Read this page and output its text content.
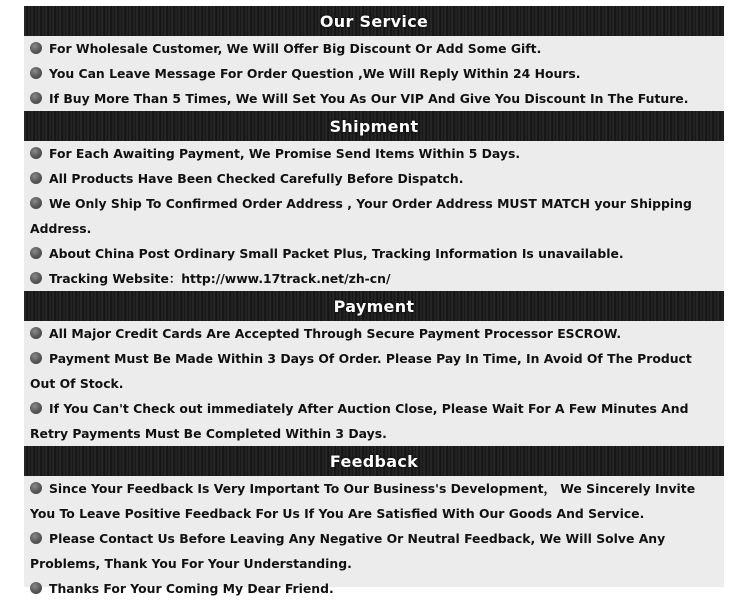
Our Service
For Wholesale Customer, We Will Offer Big Discount Or Add Some Gift.
You Can Leave Message For Order Question ,We Will Reply Within 24 Hours.
If Buy More Than 5 Times, We Will Set You As Our VIP And Give You Discount In The Future.
Shipment
For Each Awaiting Payment, We Promise Send Items Within 5 Days.
All Products Have Been Checked Carefully Before Dispatch.
We Only Ship To Confirmed Order Address , Your Order Address MUST MATCH your Shipping Address.
About China Post Ordinary Small Packet Plus, Tracking Information Is unavailable.
Tracking Website：http://www.17track.net/zh-cn/
Payment
All Major Credit Cards Are Accepted Through Secure Payment Processor ESCROW.
Payment Must Be Made Within 3 Days Of Order. Please Pay In Time, In Avoid Of The Product Out Of Stock.
If You Can't Check out immediately After Auction Close, Please Wait For A Few Minutes And Retry Payments Must Be Completed Within 3 Days.
Feedback
Since Your Feedback Is Very Important To Our Business's Development， We Sincerely Invite You To Leave Positive Feedback For Us If You Are Satisfied With Our Goods And Service.
Please Contact Us Before Leaving Any Negative Or Neutral Feedback, We Will Solve Any Problems, Thank You For Your Understanding.
Thanks For Your Coming My Dear Friend.
